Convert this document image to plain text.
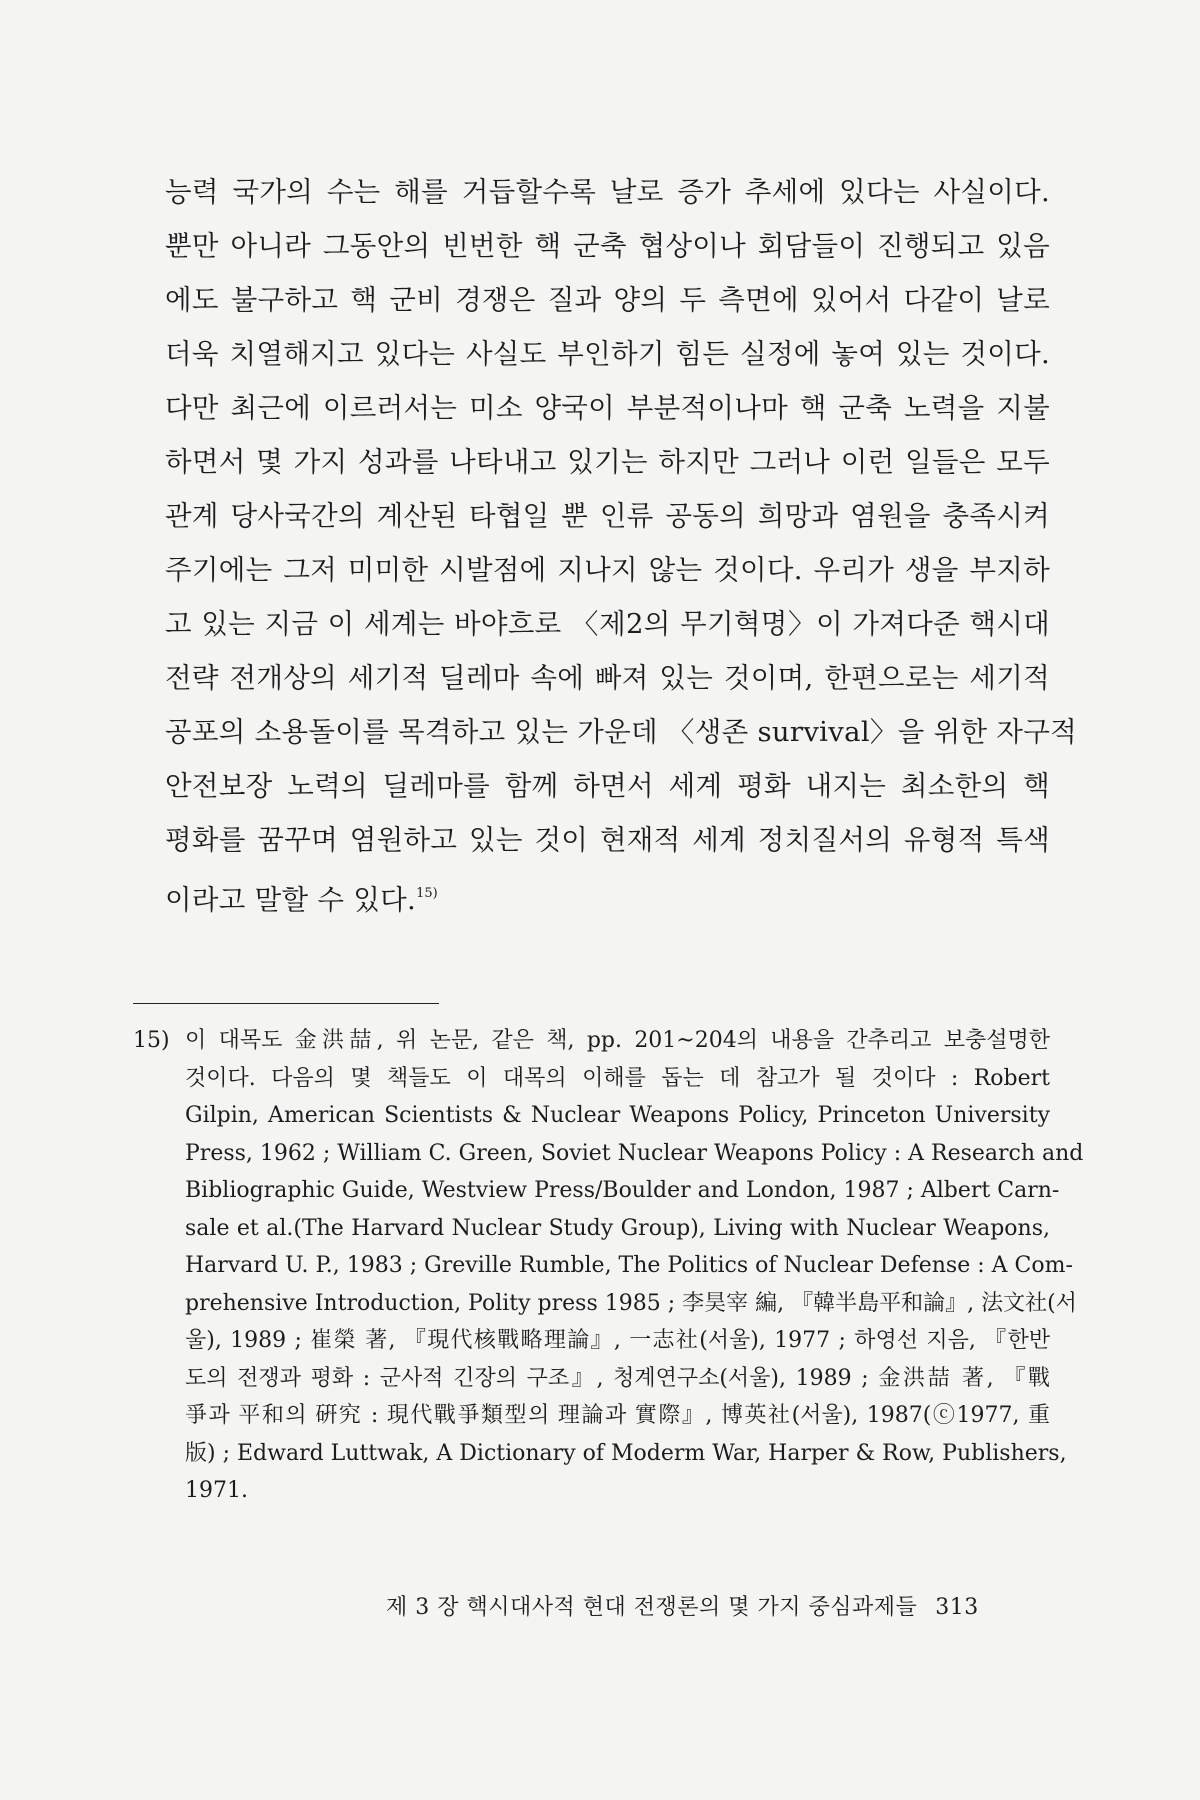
능력 국가의 수는 해를 거듭할수록 날로 증가 추세에 있다는 사실이다.
뿐만 아니라 그동안의 빈번한 핵 군축 협상이나 회담들이 진행되고 있음
에도 불구하고 핵 군비 경쟁은 질과 양의 두 측면에 있어서 다같이 날로
더욱 치열해지고 있다는 사실도 부인하기 힘든 실정에 놓여 있는 것이다.
다만 최근에 이르러서는 미소 양국이 부분적이나마 핵 군축 노력을 지불
하면서 몇 가지 성과를 나타내고 있기는 하지만 그러나 이런 일들은 모두
관계 당사국간의 계산된 타협일 뿐 인류 공동의 희망과 염원을 충족시켜
주기에는 그저 미미한 시발점에 지나지 않는 것이다. 우리가 생을 부지하
고 있는 지금 이 세계는 바야흐로 〈제2의 무기혁명〉이 가져다준 핵시대
전략 전개상의 세기적 딜레마 속에 빠져 있는 것이며, 한편으로는 세기적
공포의 소용돌이를 목격하고 있는 가운데 〈생존 survival〉을 위한 자구적
안전보장 노력의 딜레마를 함께 하면서 세계 평화 내지는 최소한의 핵
평화를 꿈꾸며 염원하고 있는 것이 현재적 세계 정치질서의 유형적 특색
이라고 말할 수 있다.$^{15)}$
15) 이 대목도 金洪喆, 위 논문, 같은 책, pp. 201~204의 내용을 간추리고 보충설명한
것이다. 다음의 몇 책들도 이 대목의 이해를 돕는 데 참고가 될 것이다 : Robert
Gilpin, American Scientists & Nuclear Weapons Policy, Princeton University
Press, 1962 ; William C. Green, Soviet Nuclear Weapons Policy : A Research and
Bibliographic Guide, Westview Press/Boulder and London, 1987 ; Albert Carn-
sale et al.(The Harvard Nuclear Study Group), Living with Nuclear Weapons,
Harvard U. P., 1983 ; Greville Rumble, The Politics of Nuclear Defense : A Com-
prehensive Introduction, Polity press 1985 ; 李昊宰 編, 『韓半島平和論』, 法文社(서
울), 1989 ; 崔榮 著, 『現代核戰略理論』, 一志社(서울), 1977 ; 하영선 지음, 『한반
도의 전쟁과 평화 : 군사적 긴장의 구조』, 청계연구소(서울), 1989 ; 金洪喆 著, 『戰
爭과 平和의 硏究 : 現代戰爭類型의 理論과 實際』, 博英社(서울), 1987(ⓒ1977, 重
版) ; Edward Luttwak, A Dictionary of Moderm War, Harper & Row, Publishers,
1971.
제 3 장 핵시대사적 현대 전쟁론의 몇 가지 중심과제들 313
